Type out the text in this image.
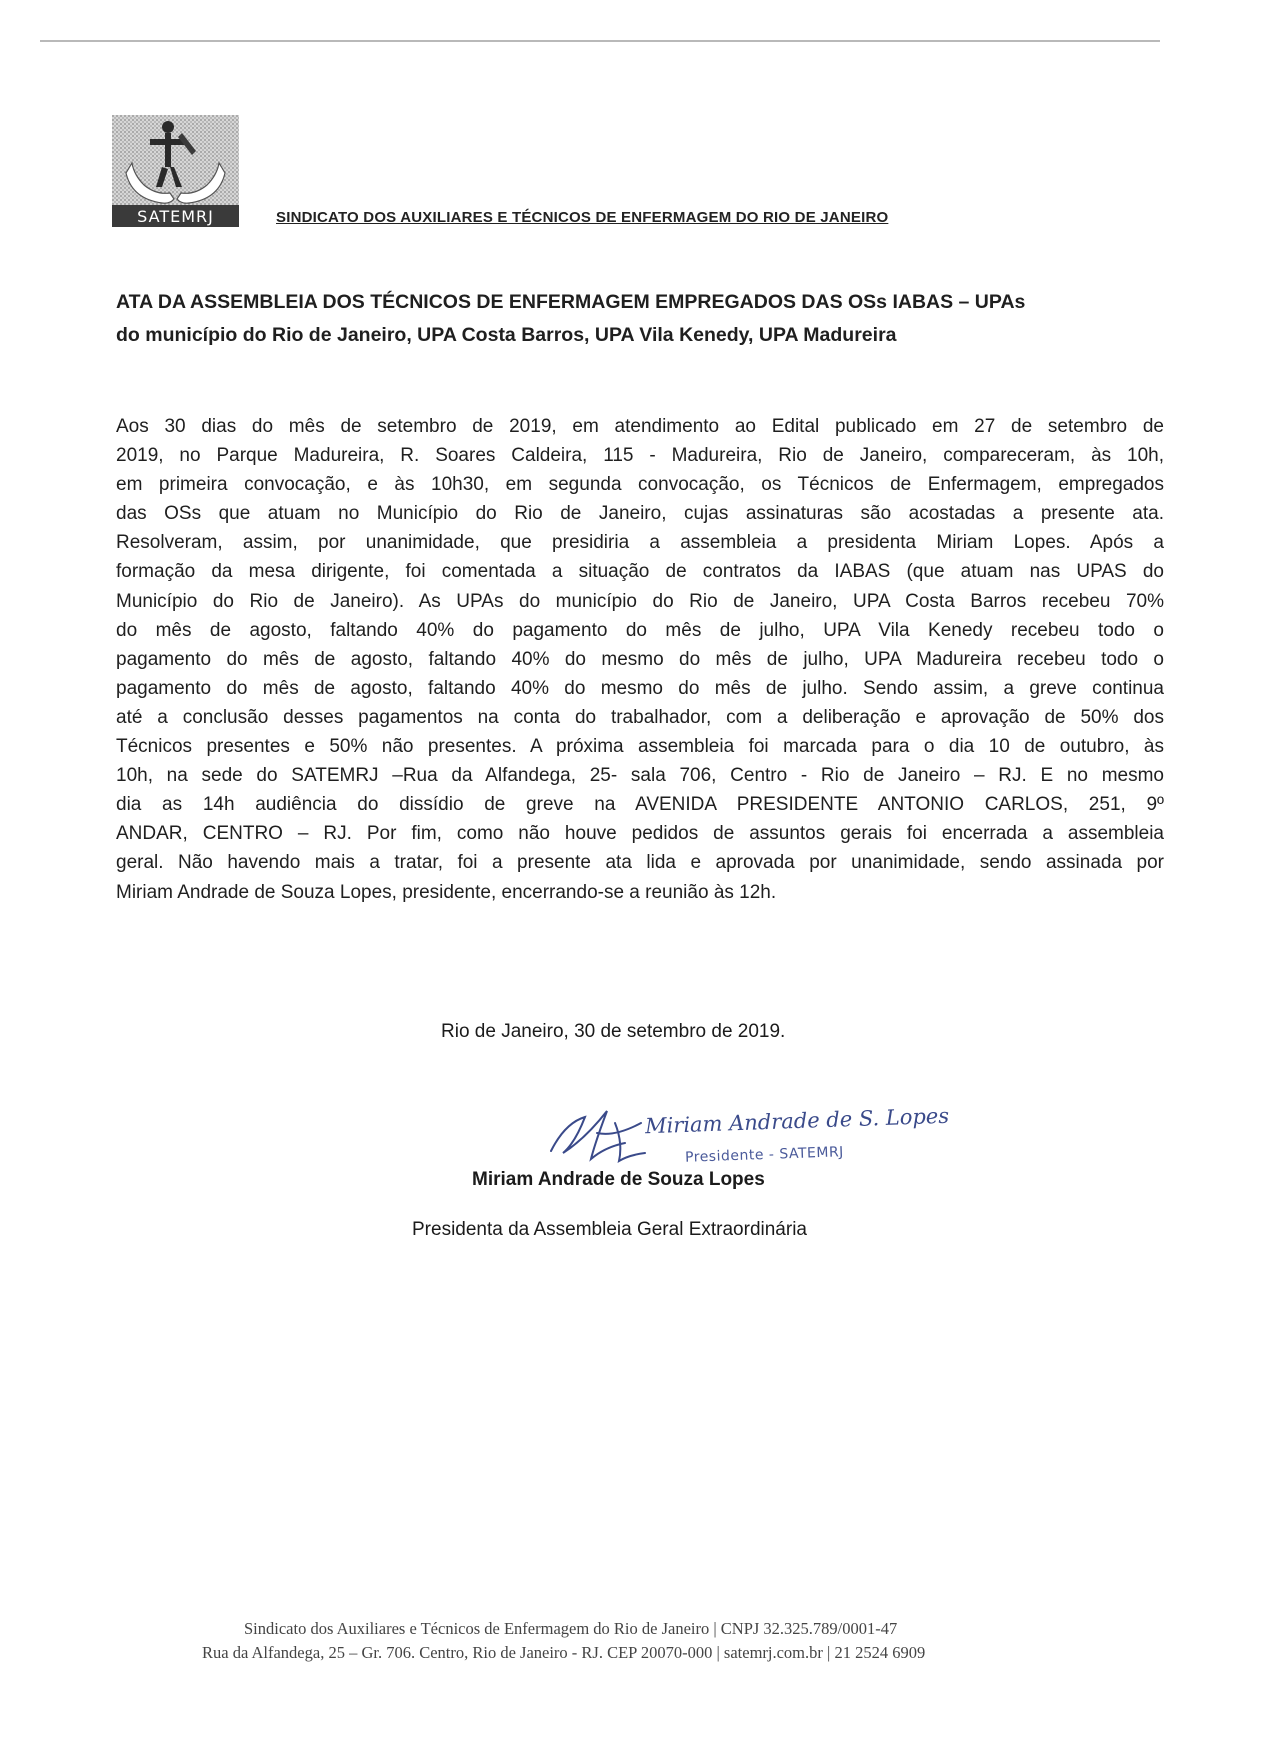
SATEMRJ	SINDICATO DOS AUXILIARES E TÉCNICOS DE ENFERMAGEM DO RIO DE JANEIRO
ATA DA ASSEMBLEIA DOS TÉCNICOS DE ENFERMAGEM EMPREGADOS DAS OSs IABAS – UPAs
do município do Rio de Janeiro, UPA Costa Barros, UPA Vila Kenedy, UPA Madureira
Aos 30 dias do mês de setembro de 2019, em atendimento ao Edital publicado em 27 de setembro de
2019, no Parque Madureira, R. Soares Caldeira, 115 - Madureira, Rio de Janeiro, compareceram, às 10h,
em primeira convocação, e às 10h30, em segunda convocação, os Técnicos de Enfermagem, empregados
das OSs que atuam no Município do Rio de Janeiro, cujas assinaturas são acostadas a presente ata.
Resolveram, assim, por unanimidade, que presidiria a assembleia a presidenta Miriam Lopes. Após a
formação da mesa dirigente, foi comentada a situação de contratos da IABAS (que atuam nas UPAS do
Município do Rio de Janeiro). As UPAs do município do Rio de Janeiro, UPA Costa Barros recebeu 70%
do mês de agosto, faltando 40% do pagamento do mês de julho, UPA Vila Kenedy recebeu todo o
pagamento do mês de agosto, faltando 40% do mesmo do mês de julho, UPA Madureira recebeu todo o
pagamento do mês de agosto, faltando 40% do mesmo do mês de julho. Sendo assim, a greve continua
até a conclusão desses pagamentos na conta do trabalhador, com a deliberação e aprovação de 50% dos
Técnicos presentes e 50% não presentes. A próxima assembleia foi marcada para o dia 10 de outubro, às
10h, na sede do SATEMRJ –Rua da Alfandega, 25- sala 706, Centro - Rio de Janeiro – RJ. E no mesmo
dia as 14h audiência do dissídio de greve na AVENIDA PRESIDENTE ANTONIO CARLOS, 251, 9º
ANDAR, CENTRO – RJ. Por fim, como não houve pedidos de assuntos gerais foi encerrada a assembleia
geral. Não havendo mais a tratar, foi a presente ata lida e aprovada por unanimidade, sendo assinada por
Miriam Andrade de Souza Lopes, presidente, encerrando-se a reunião às 12h.
Rio de Janeiro, 30 de setembro de 2019.
Miriam Andrade de S. Lopes
Presidente - SATEMRJ
Miriam Andrade de Souza Lopes
Presidenta da Assembleia Geral Extraordinária
Sindicato dos Auxiliares e Técnicos de Enfermagem do Rio de Janeiro | CNPJ 32.325.789/0001-47
Rua da Alfandega, 25 – Gr. 706. Centro, Rio de Janeiro - RJ. CEP 20070-000 | satemrj.com.br | 21 2524 6909
